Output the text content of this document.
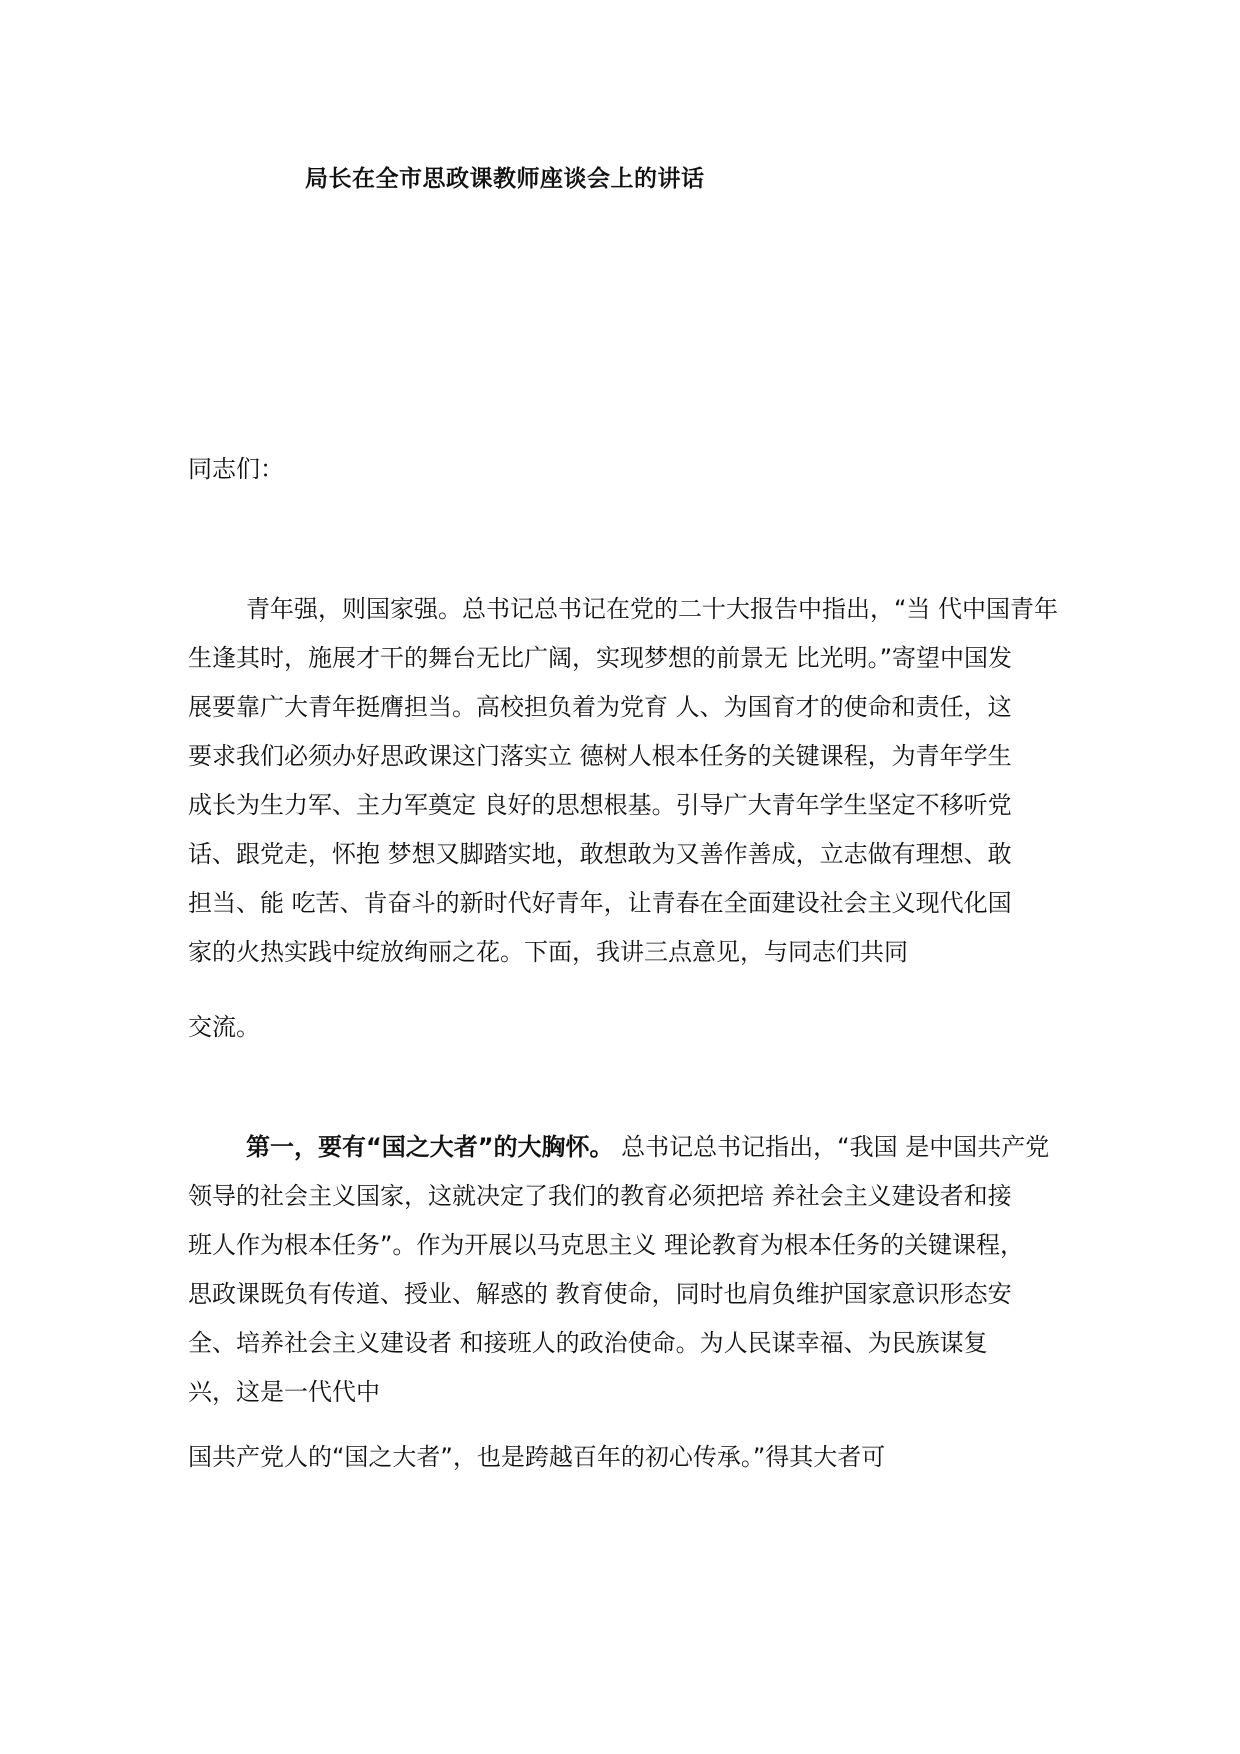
局长在全市思政课教师座谈会上的讲话
同志们：
青年强，则国家强。总书记总书记在党的二十大报告中指出，“当 代中国青年
生逢其时，施展才干的舞台无比广阔，实现梦想的前景无 比光明。”寄望中国发
展要靠广大青年挺膺担当。高校担负着为党育 人、为国育才的使命和责任，这
要求我们必须办好思政课这门落实立 德树人根本任务的关键课程，为青年学生
成长为生力军、主力军奠定 良好的思想根基。引导广大青年学生坚定不移听党
话、跟党走，怀抱 梦想又脚踏实地，敢想敢为又善作善成，立志做有理想、敢
担当、能 吃苦、肯奋斗的新时代好青年，让青春在全面建设社会主义现代化国
家的火热实践中绽放绚丽之花。下面，我讲三点意见，与同志们共同
交流。
第一，要有“国之大者”的大胸怀。 总书记总书记指出，“我国 是中国共产党
领导的社会主义国家，这就决定了我们的教育必须把培 养社会主义建设者和接
班人作为根本任务”。作为开展以马克思主义 理论教育为根本任务的关键课程，
思政课既负有传道、授业、解惑的 教育使命，同时也肩负维护国家意识形态安
全、培养社会主义建设者 和接班人的政治使命。为人民谋幸福、为民族谋复
兴，这是一代代中
国共产党人的“国之大者”，也是跨越百年的初心传承。”得其大者可
